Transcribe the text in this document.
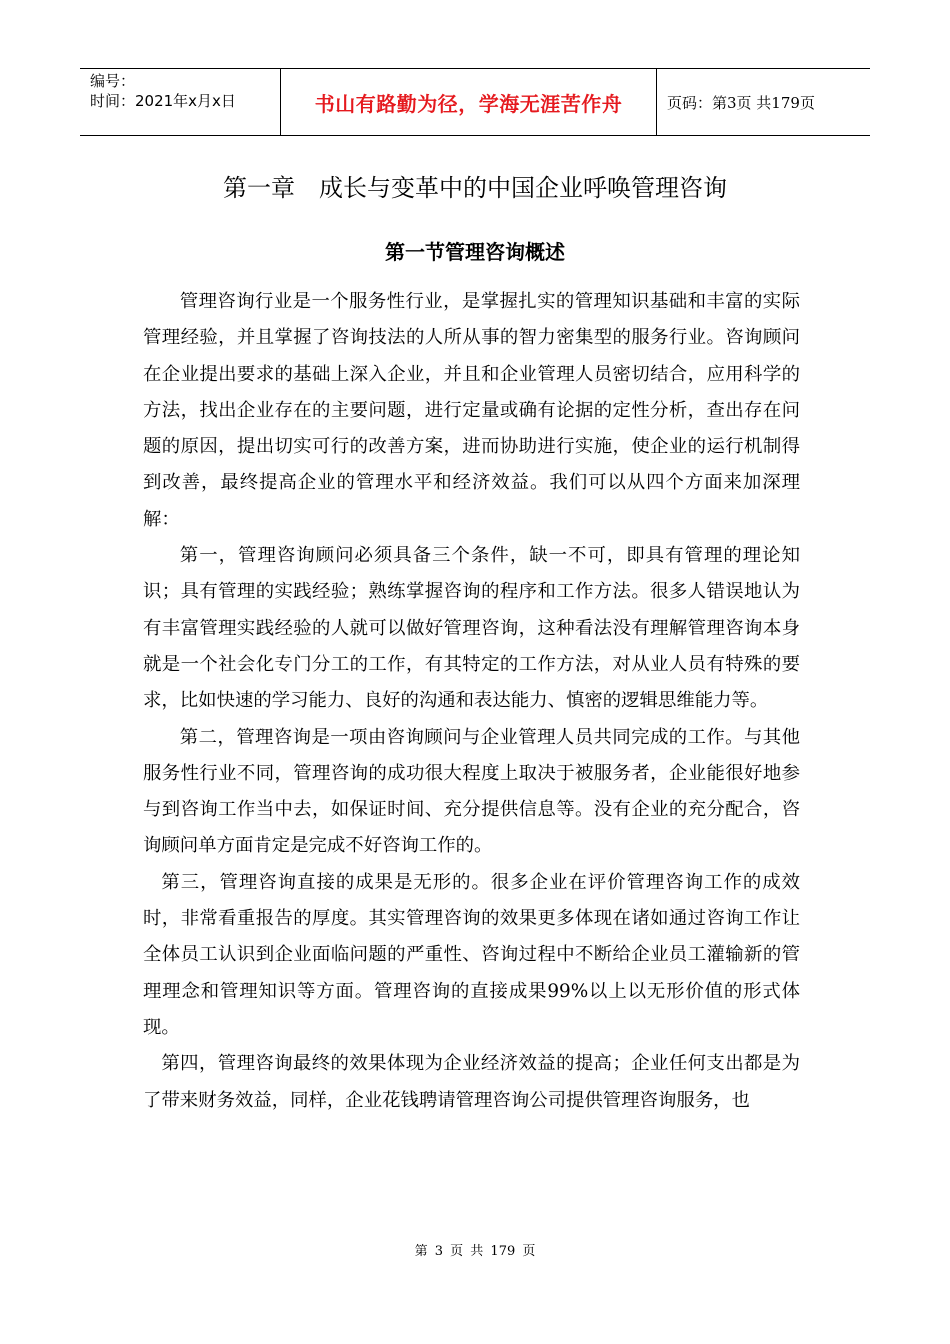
编号：
时间：2021年x月x日	书山有路勤为径，学海无涯苦作舟	页码：第3页 共179页
第一章　成长与变革中的中国企业呼唤管理咨询
第一节管理咨询概述

管理咨询行业是一个服务性行业，是掌握扎实的管理知识基础和丰富的实际管理经验，并且掌握了咨询技法的人所从事的智力密集型的服务行业。咨询顾问在企业提出要求的基础上深入企业，并且和企业管理人员密切结合，应用科学的方法，找出企业存在的主要问题，进行定量或确有论据的定性分析，查出存在问题的原因，提出切实可行的改善方案，进而协助进行实施，使企业的运行机制得到改善，最终提高企业的管理水平和经济效益。我们可以从四个方面来加深理解：

第一，管理咨询顾问必须具备三个条件，缺一不可，即具有管理的理论知识；具有管理的实践经验；熟练掌握咨询的程序和工作方法。很多人错误地认为有丰富管理实践经验的人就可以做好管理咨询，这种看法没有理解管理咨询本身就是一个社会化专门分工的工作，有其特定的工作方法，对从业人员有特殊的要求，比如快速的学习能力、良好的沟通和表达能力、慎密的逻辑思维能力等。

第二，管理咨询是一项由咨询顾问与企业管理人员共同完成的工作。与其他服务性行业不同，管理咨询的成功很大程度上取决于被服务者，企业能很好地参与到咨询工作当中去，如保证时间、充分提供信息等。没有企业的充分配合，咨询顾问单方面肯定是完成不好咨询工作的。

第三，管理咨询直接的成果是无形的。很多企业在评价管理咨询工作的成效时，非常看重报告的厚度。其实管理咨询的效果更多体现在诸如通过咨询工作让全体员工认识到企业面临问题的严重性、咨询过程中不断给企业员工灌输新的管理理念和管理知识等方面。管理咨询的直接成果99%以上以无形价值的形式体现。

第四，管理咨询最终的效果体现为企业经济效益的提高；企业任何支出都是为了带来财务效益，同样，企业花钱聘请管理咨询公司提供管理咨询服务，也

第 3 页 共 179 页
